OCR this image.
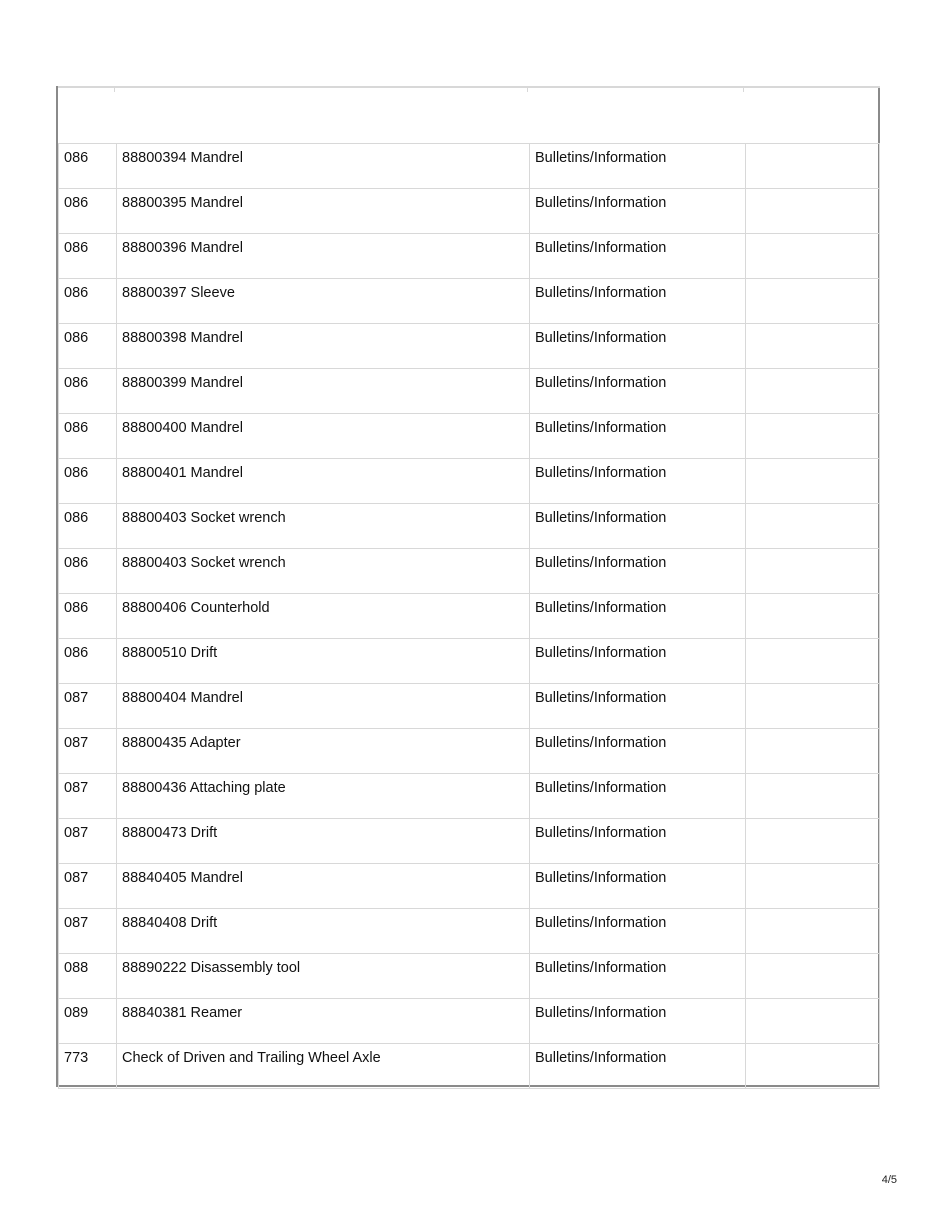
086	88800394 Mandrel	Bulletins/Information	
086	88800395 Mandrel	Bulletins/Information	
086	88800396 Mandrel	Bulletins/Information	
086	88800397 Sleeve	Bulletins/Information	
086	88800398 Mandrel	Bulletins/Information	
086	88800399 Mandrel	Bulletins/Information	
086	88800400 Mandrel	Bulletins/Information	
086	88800401 Mandrel	Bulletins/Information	
086	88800403 Socket wrench	Bulletins/Information	
086	88800403 Socket wrench	Bulletins/Information	
086	88800406 Counterhold	Bulletins/Information	
086	88800510 Drift	Bulletins/Information	
087	88800404 Mandrel	Bulletins/Information	
087	88800435 Adapter	Bulletins/Information	
087	88800436 Attaching plate	Bulletins/Information	
087	88800473 Drift	Bulletins/Information	
087	88840405 Mandrel	Bulletins/Information	
087	88840408 Drift	Bulletins/Information	
088	88890222 Disassembly tool	Bulletins/Information	
089	88840381 Reamer	Bulletins/Information	
773	Check of Driven and Trailing Wheel Axle	Bulletins/Information	
4/5
